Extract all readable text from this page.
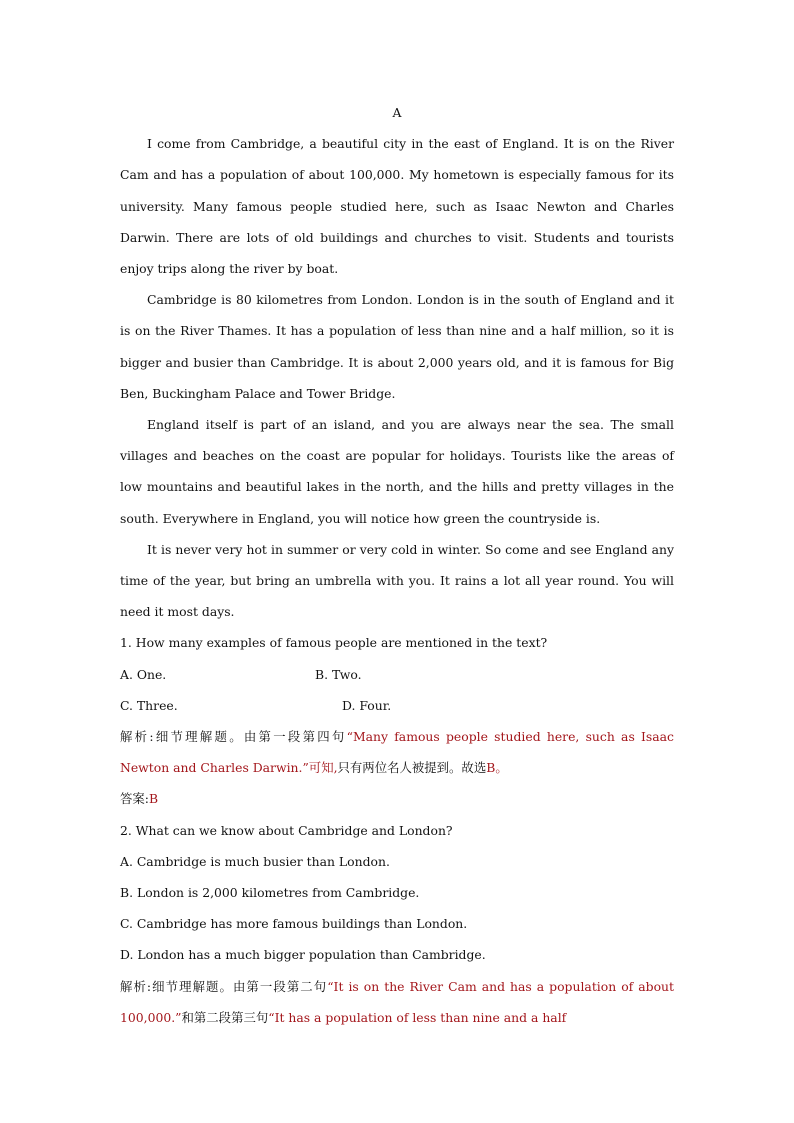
A

I come from Cambridge, a beautiful city in the east of England. It is on the River Cam and has a population of about 100,000. My hometown is especially famous for its university. Many famous people studied here, such as Isaac Newton and Charles Darwin. There are lots of old buildings and churches to visit. Students and tourists enjoy trips along the river by boat.

Cambridge is 80 kilometres from London. London is in the south of England and it is on the River Thames. It has a population of less than nine and a half million, so it is bigger and busier than Cambridge. It is about 2,000 years old, and it is famous for Big Ben, Buckingham Palace and Tower Bridge.

England itself is part of an island, and you are always near the sea. The small villages and beaches on the coast are popular for holidays. Tourists like the areas of low mountains and beautiful lakes in the north, and the hills and pretty villages in the south. Everywhere in England, you will notice how green the countryside is.

It is never very hot in summer or very cold in winter. So come and see England any time of the year, but bring an umbrella with you. It rains a lot all year round. You will need it most days.

1. How many examples of famous people are mentioned in the text?

A. One.	B. Two.
C. Three.	D. Four.

解析:细节理解题。由第一段第四句“Many famous people studied here, such as Isaac Newton and Charles Darwin.”可知,只有两位名人被提到。故选B。

答案:B

2. What can we know about Cambridge and London?

A. Cambridge is much busier than London.

B. London is 2,000 kilometres from Cambridge.

C. Cambridge has more famous buildings than London.

D. London has a much bigger population than Cambridge.

解析:细节理解题。由第一段第二句“It is on the River Cam and has a population of about 100,000.”和第二段第三句“It has a population of less than nine and a half
